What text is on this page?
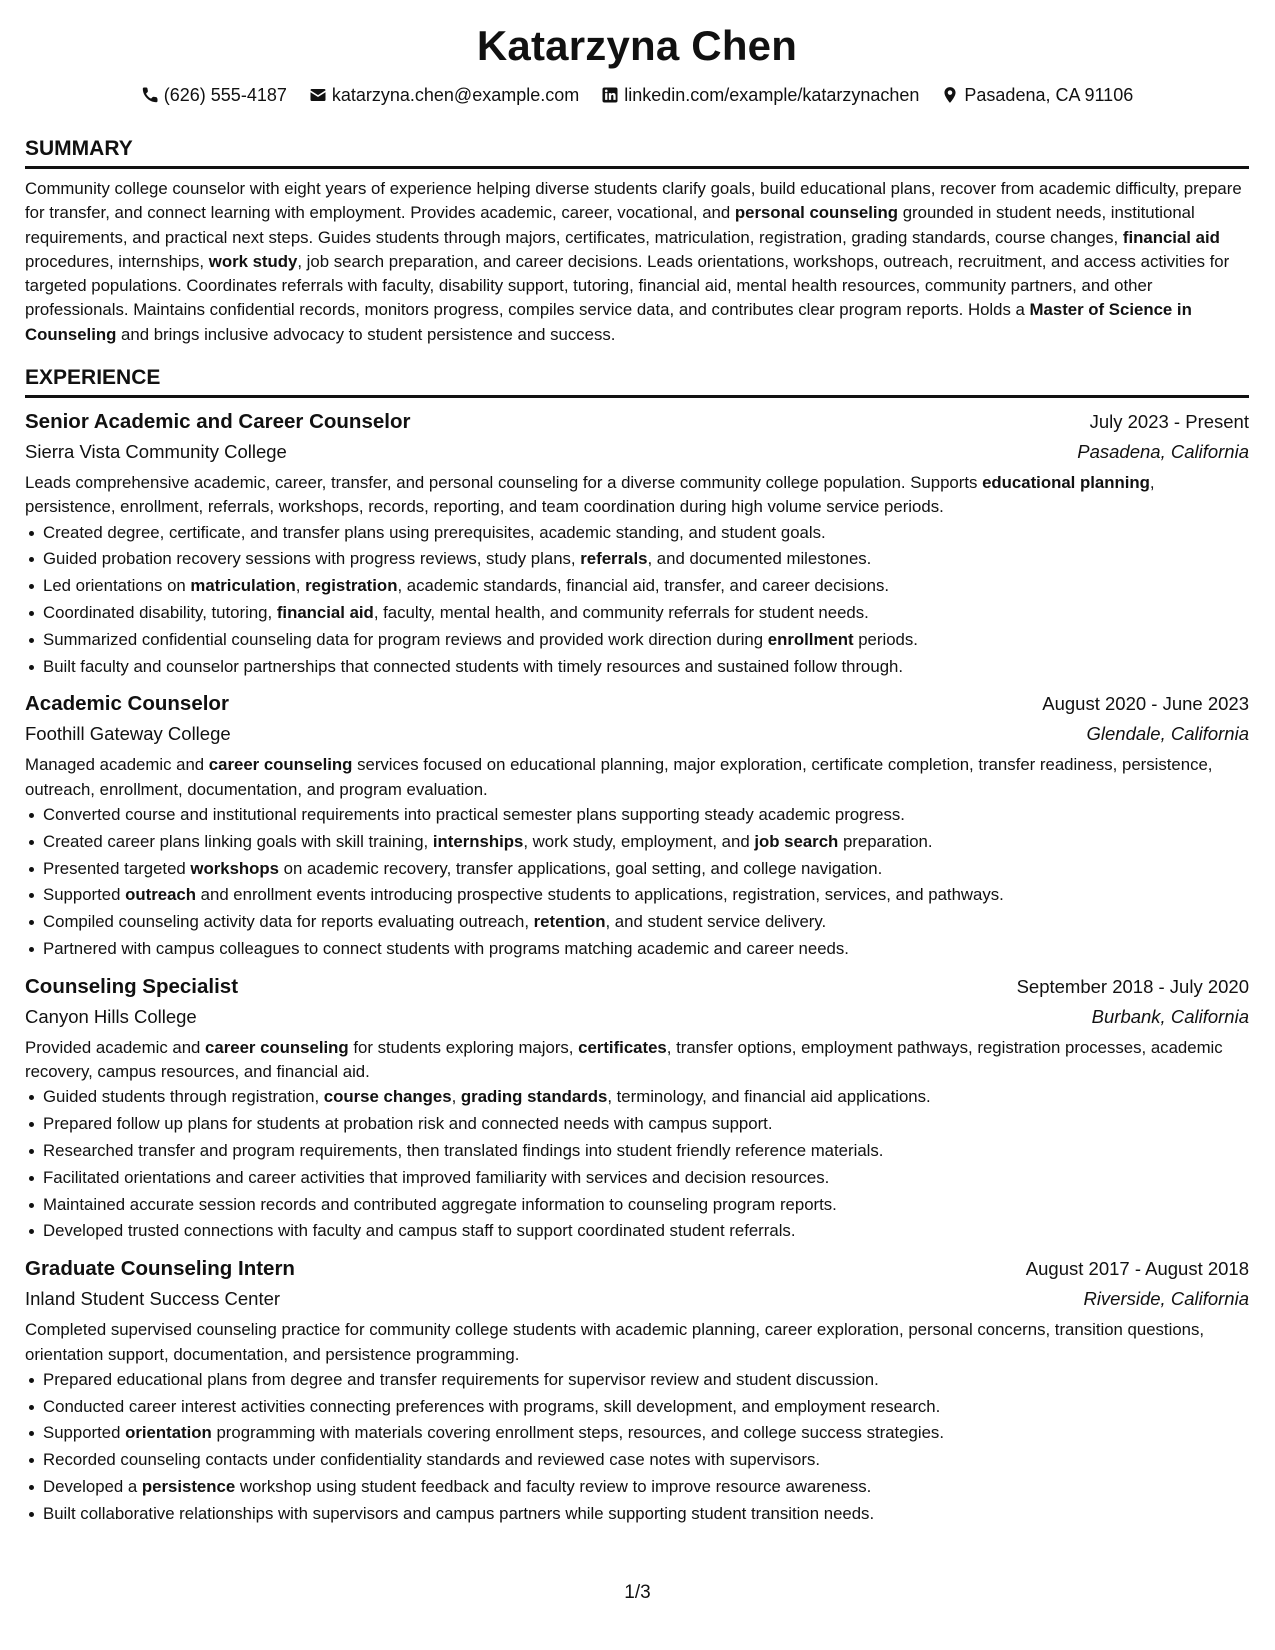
Katarzyna Chen
(626) 555-4187	katarzyna.chen@example.com	linkedin.com/example/katarzynachen	Pasadena, CA 91106
SUMMARY

Community college counselor with eight years of experience helping diverse students clarify goals, build educational plans, recover from academic difficulty, prepare for transfer, and connect learning with employment. Provides academic, career, vocational, and personal counseling grounded in student needs, institutional requirements, and practical next steps. Guides students through majors, certificates, matriculation, registration, grading standards, course changes, financial aid procedures, internships, work study, job search preparation, and career decisions. Leads orientations, workshops, outreach, recruitment, and access activities for targeted populations. Coordinates referrals with faculty, disability support, tutoring, financial aid, mental health resources, community partners, and other professionals. Maintains confidential records, monitors progress, compiles service data, and contributes clear program reports. Holds a Master of Science in Counseling and brings inclusive advocacy to student persistence and success.

EXPERIENCE
Senior Academic and Career Counselor	July 2023 - Present
Sierra Vista Community College	Pasadena, California

Leads comprehensive academic, career, transfer, and personal counseling for a diverse community college population. Supports educational planning, persistence, enrollment, referrals, workshops, records, reporting, and team coordination during high volume service periods.

Created degree, certificate, and transfer plans using prerequisites, academic standing, and student goals.
Guided probation recovery sessions with progress reviews, study plans, referrals, and documented milestones.
Led orientations on matriculation, registration, academic standards, financial aid, transfer, and career decisions.
Coordinated disability, tutoring, financial aid, faculty, mental health, and community referrals for student needs.
Summarized confidential counseling data for program reviews and provided work direction during enrollment periods.
Built faculty and counselor partnerships that connected students with timely resources and sustained follow through.
Academic Counselor	August 2020 - June 2023
Foothill Gateway College	Glendale, California

Managed academic and career counseling services focused on educational planning, major exploration, certificate completion, transfer readiness, persistence, outreach, enrollment, documentation, and program evaluation.

Converted course and institutional requirements into practical semester plans supporting steady academic progress.
Created career plans linking goals with skill training, internships, work study, employment, and job search preparation.
Presented targeted workshops on academic recovery, transfer applications, goal setting, and college navigation.
Supported outreach and enrollment events introducing prospective students to applications, registration, services, and pathways.
Compiled counseling activity data for reports evaluating outreach, retention, and student service delivery.
Partnered with campus colleagues to connect students with programs matching academic and career needs.
Counseling Specialist	September 2018 - July 2020
Canyon Hills College	Burbank, California

Provided academic and career counseling for students exploring majors, certificates, transfer options, employment pathways, registration processes, academic recovery, campus resources, and financial aid.

Guided students through registration, course changes, grading standards, terminology, and financial aid applications.
Prepared follow up plans for students at probation risk and connected needs with campus support.
Researched transfer and program requirements, then translated findings into student friendly reference materials.
Facilitated orientations and career activities that improved familiarity with services and decision resources.
Maintained accurate session records and contributed aggregate information to counseling program reports.
Developed trusted connections with faculty and campus staff to support coordinated student referrals.
Graduate Counseling Intern	August 2017 - August 2018
Inland Student Success Center	Riverside, California

Completed supervised counseling practice for community college students with academic planning, career exploration, personal concerns, transition questions, orientation support, documentation, and persistence programming.

Prepared educational plans from degree and transfer requirements for supervisor review and student discussion.
Conducted career interest activities connecting preferences with programs, skill development, and employment research.
Supported orientation programming with materials covering enrollment steps, resources, and college success strategies.
Recorded counseling contacts under confidentiality standards and reviewed case notes with supervisors.
Developed a persistence workshop using student feedback and faculty review to improve resource awareness.
Built collaborative relationships with supervisors and campus partners while supporting student transition needs.
1/3
